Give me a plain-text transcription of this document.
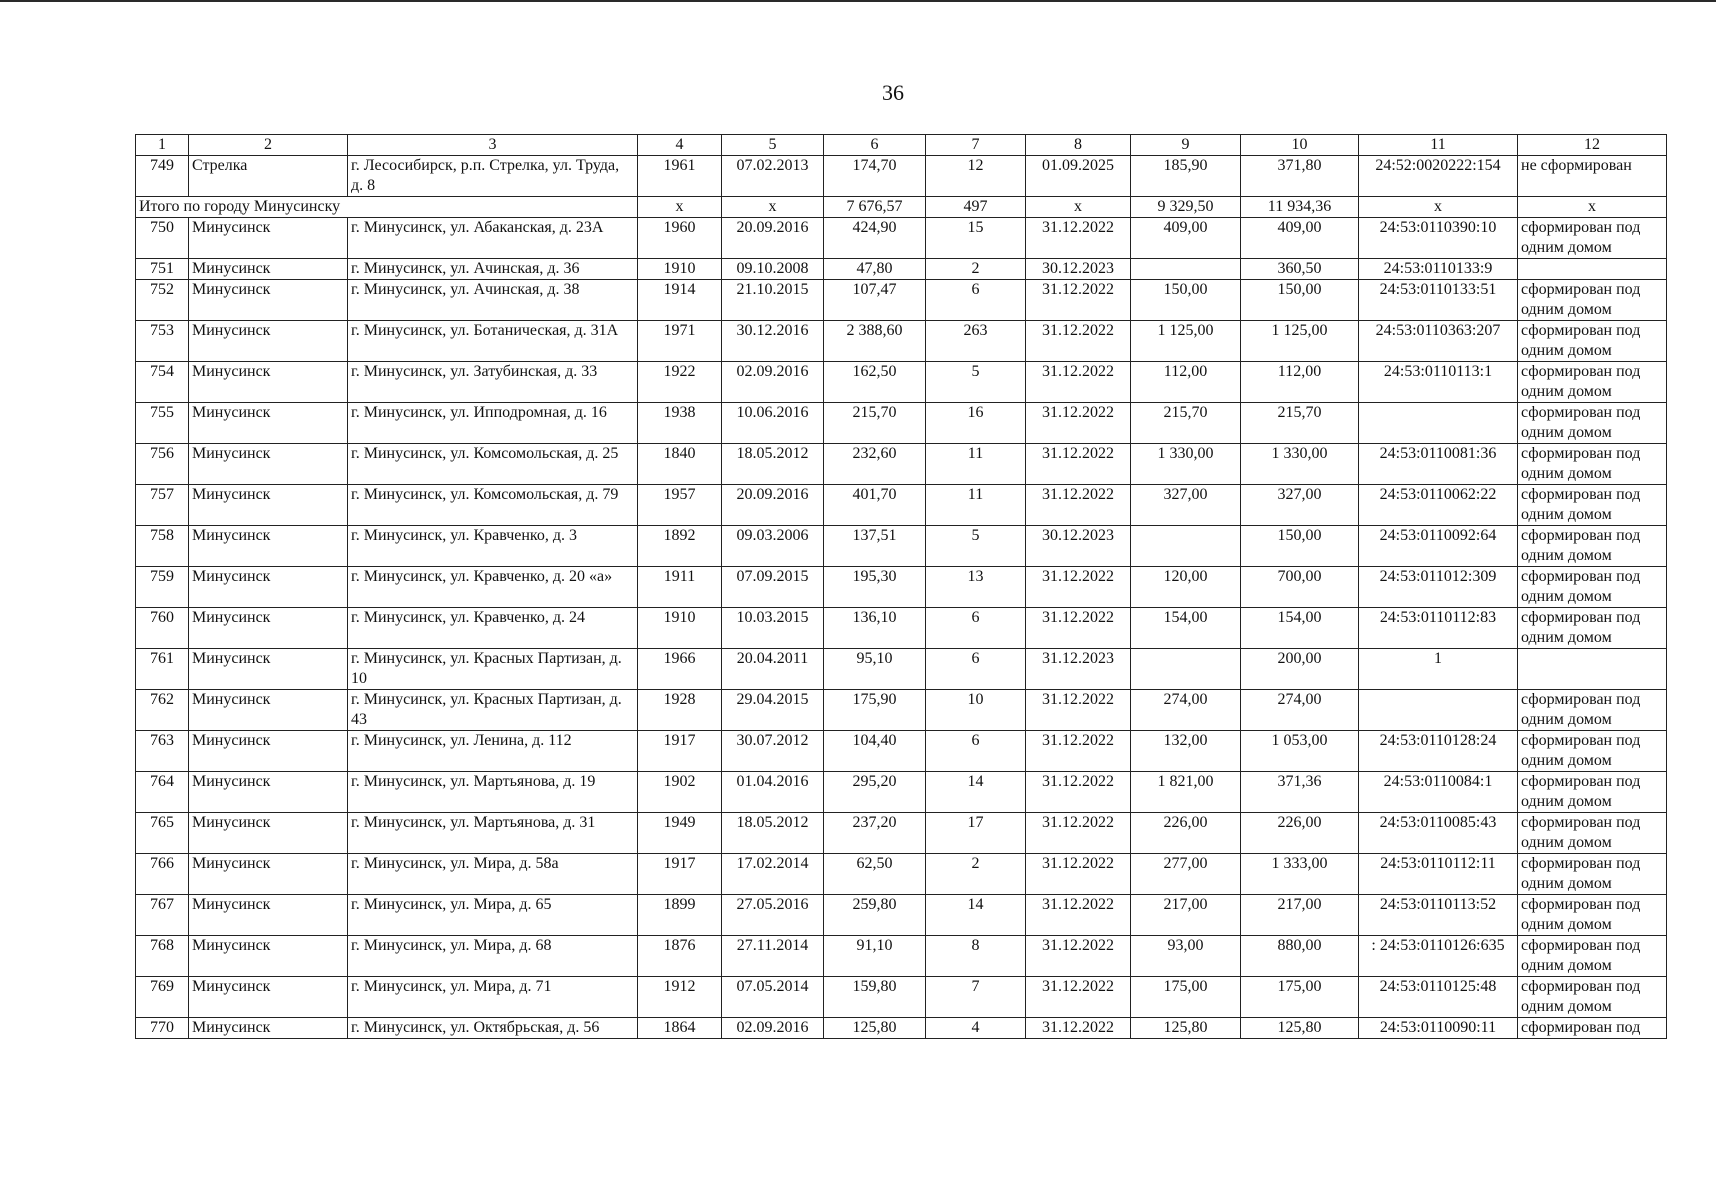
36
1	2	3	4	5	6	7	8	9	10	11	12
749	Стрелка	г. Лесосибирск, р.п. Стрелка, ул. Труда, д. 8	1961	07.02.2013	174,70	12	01.09.2025	185,90	371,80	24:52:0020222:154	не сформирован
Итого по городу Минусинску			x	x	7 676,57	497	x	9 329,50	11 934,36	x	x
750	Минусинск	г. Минусинск, ул. Абаканская, д. 23А	1960	20.09.2016	424,90	15	31.12.2022	409,00	409,00	24:53:0110390:10	сформирован под одним домом
751	Минусинск	г. Минусинск, ул. Ачинская, д. 36	1910	09.10.2008	47,80	2	30.12.2023		360,50	24:53:0110133:9	
752	Минусинск	г. Минусинск, ул. Ачинская, д. 38	1914	21.10.2015	107,47	6	31.12.2022	150,00	150,00	24:53:0110133:51	сформирован под одним домом
753	Минусинск	г. Минусинск, ул. Ботаническая, д. 31А	1971	30.12.2016	2 388,60	263	31.12.2022	1 125,00	1 125,00	24:53:0110363:207	сформирован под одним домом
754	Минусинск	г. Минусинск, ул. Затубинская, д. 33	1922	02.09.2016	162,50	5	31.12.2022	112,00	112,00	24:53:0110113:1	сформирован под одним домом
755	Минусинск	г. Минусинск, ул. Ипподромная, д. 16	1938	10.06.2016	215,70	16	31.12.2022	215,70	215,70		сформирован под одним домом
756	Минусинск	г. Минусинск, ул. Комсомольская, д. 25	1840	18.05.2012	232,60	11	31.12.2022	1 330,00	1 330,00	24:53:0110081:36	сформирован под одним домом
757	Минусинск	г. Минусинск, ул. Комсомольская, д. 79	1957	20.09.2016	401,70	11	31.12.2022	327,00	327,00	24:53:0110062:22	сформирован под одним домом
758	Минусинск	г. Минусинск, ул. Кравченко, д. 3	1892	09.03.2006	137,51	5	30.12.2023		150,00	24:53:0110092:64	сформирован под одним домом
759	Минусинск	г. Минусинск, ул. Кравченко, д. 20 «а»	1911	07.09.2015	195,30	13	31.12.2022	120,00	700,00	24:53:011012:309	сформирован под одним домом
760	Минусинск	г. Минусинск, ул. Кравченко, д. 24	1910	10.03.2015	136,10	6	31.12.2022	154,00	154,00	24:53:0110112:83	сформирован под одним домом
761	Минусинск	г. Минусинск, ул. Красных Партизан, д. 10	1966	20.04.2011	95,10	6	31.12.2023		200,00	1	
762	Минусинск	г. Минусинск, ул. Красных Партизан, д. 43	1928	29.04.2015	175,90	10	31.12.2022	274,00	274,00		сформирован под одним домом
763	Минусинск	г. Минусинск, ул. Ленина, д. 112	1917	30.07.2012	104,40	6	31.12.2022	132,00	1 053,00	24:53:0110128:24	сформирован под одним домом
764	Минусинск	г. Минусинск, ул. Мартьянова, д. 19	1902	01.04.2016	295,20	14	31.12.2022	1 821,00	371,36	24:53:0110084:1	сформирован под одним домом
765	Минусинск	г. Минусинск, ул. Мартьянова, д. 31	1949	18.05.2012	237,20	17	31.12.2022	226,00	226,00	24:53:0110085:43	сформирован под одним домом
766	Минусинск	г. Минусинск, ул. Мира, д. 58а	1917	17.02.2014	62,50	2	31.12.2022	277,00	1 333,00	24:53:0110112:11	сформирован под одним домом
767	Минусинск	г. Минусинск, ул. Мира, д. 65	1899	27.05.2016	259,80	14	31.12.2022	217,00	217,00	24:53:0110113:52	сформирован под одним домом
768	Минусинск	г. Минусинск, ул. Мира, д. 68	1876	27.11.2014	91,10	8	31.12.2022	93,00	880,00	: 24:53:0110126:635	сформирован под одним домом
769	Минусинск	г. Минусинск, ул. Мира, д. 71	1912	07.05.2014	159,80	7	31.12.2022	175,00	175,00	24:53:0110125:48	сформирован под одним домом
770	Минусинск	г. Минусинск, ул. Октябрьская, д. 56	1864	02.09.2016	125,80	4	31.12.2022	125,80	125,80	24:53:0110090:11	сформирован под
